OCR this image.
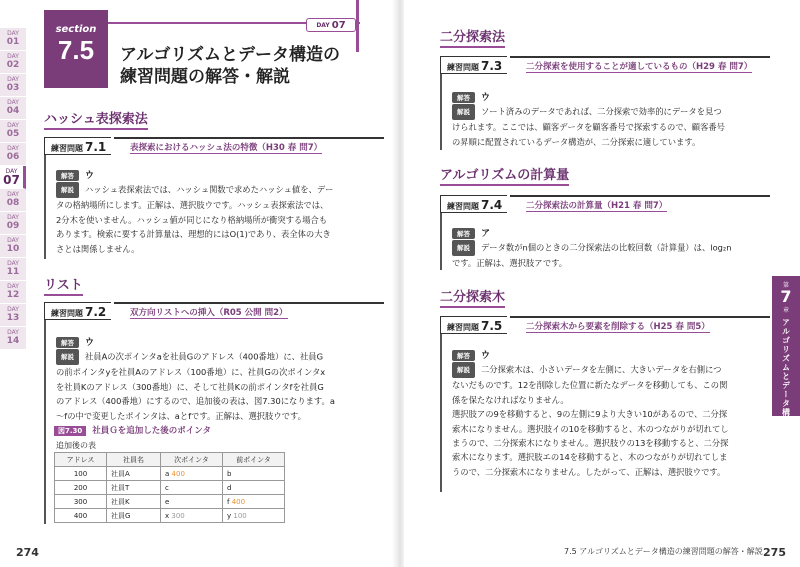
DAY
01
DAY
02
DAY
03
DAY
04
DAY
05
DAY
06
DAY
07
DAY
08
DAY
09
DAY
10
DAY
11
DAY
12
DAY
13
DAY
14
section
7.5
DAY 07
アルゴリズムとデータ構造の
練習問題の解答・解説
ハッシュ表探索法
練習問題 7.1	表探索におけるハッシュ法の特徴（H30 春 問7）
解答 ウ
解説 ハッシュ表探索法では、ハッシュ関数で求めたハッシュ値を、デー
タの格納場所にします。正解は、選択肢ウです。ハッシュ表探索法では、
2分木を使いません。ハッシュ値が同じになり格納場所が衝突する場合も
あります。検索に要する計算量は、理想的にはO(1)であり、表全体の大き
さとは関係しません。
リスト
練習問題 7.2	双方向リストへの挿入（R05 公開 問2）
解答 ウ
解説 社員Aの次ポインタaを社員Gのアドレス（400番地）に、社員G
の前ポインタyを社員Aのアドレス（100番地）に、社員Gの次ポインタx
を社員Kのアドレス（300番地）に、そして社員Kの前ポインタfを社員G
のアドレス（400番地）にするので、追加後の表は、図7.30になります。a
〜fの中で変更したポインタは、aとfです。正解は、選択肢ウです。
図7.30 社員Ｇを追加した後のポインタ
追加後の表
アドレス	社員名	次ポインタ	前ポインタ
100	社員A	a 400	b
200	社員T	c	d
300	社員K	e	f 400
400	社員G	x 300	y 100
274
二分探索法
練習問題 7.3	二分探索を使用することが適しているもの（H29 春 問7）
解答 ウ
解説 ソート済みのデータであれば、二分探索で効率的にデータを見つ
けられます。ここでは、顧客データを顧客番号で探索するので、顧客番号
の昇順に配置されているデータ構造が、二分探索に適しています。
アルゴリズムの計算量
練習問題 7.4	二分探索法の計算量（H21 春 問7）
解答 ア
解説 データ数がn個のときの二分探索法の比較回数（計算量）は、log₂n
です。正解は、選択肢アです。
二分探索木
練習問題 7.5	二分探索木から要素を削除する（H25 春 問5）
解答 ウ
解説 二分探索木は、小さいデータを左側に、大きいデータを右側につ
ないだものです。12を削除した位置に新たなデータを移動しても、この関
係を保たなければなりません。
選択肢アの9を移動すると、9の左側に9より大きい10があるので、二分探
索木になりません。選択肢イの10を移動すると、木のつながりが切れてし
まうので、二分探索木になりません。選択肢ウの13を移動すると、二分探
索木になります。選択肢エの14を移動すると、木のつながりが切れてしま
うので、二分探索木になりません。したがって、正解は、選択肢ウです。
第
7
章
アルゴリズムとデータ構造
7.5 アルゴリズムとデータ構造の練習問題の解答・解説 275
